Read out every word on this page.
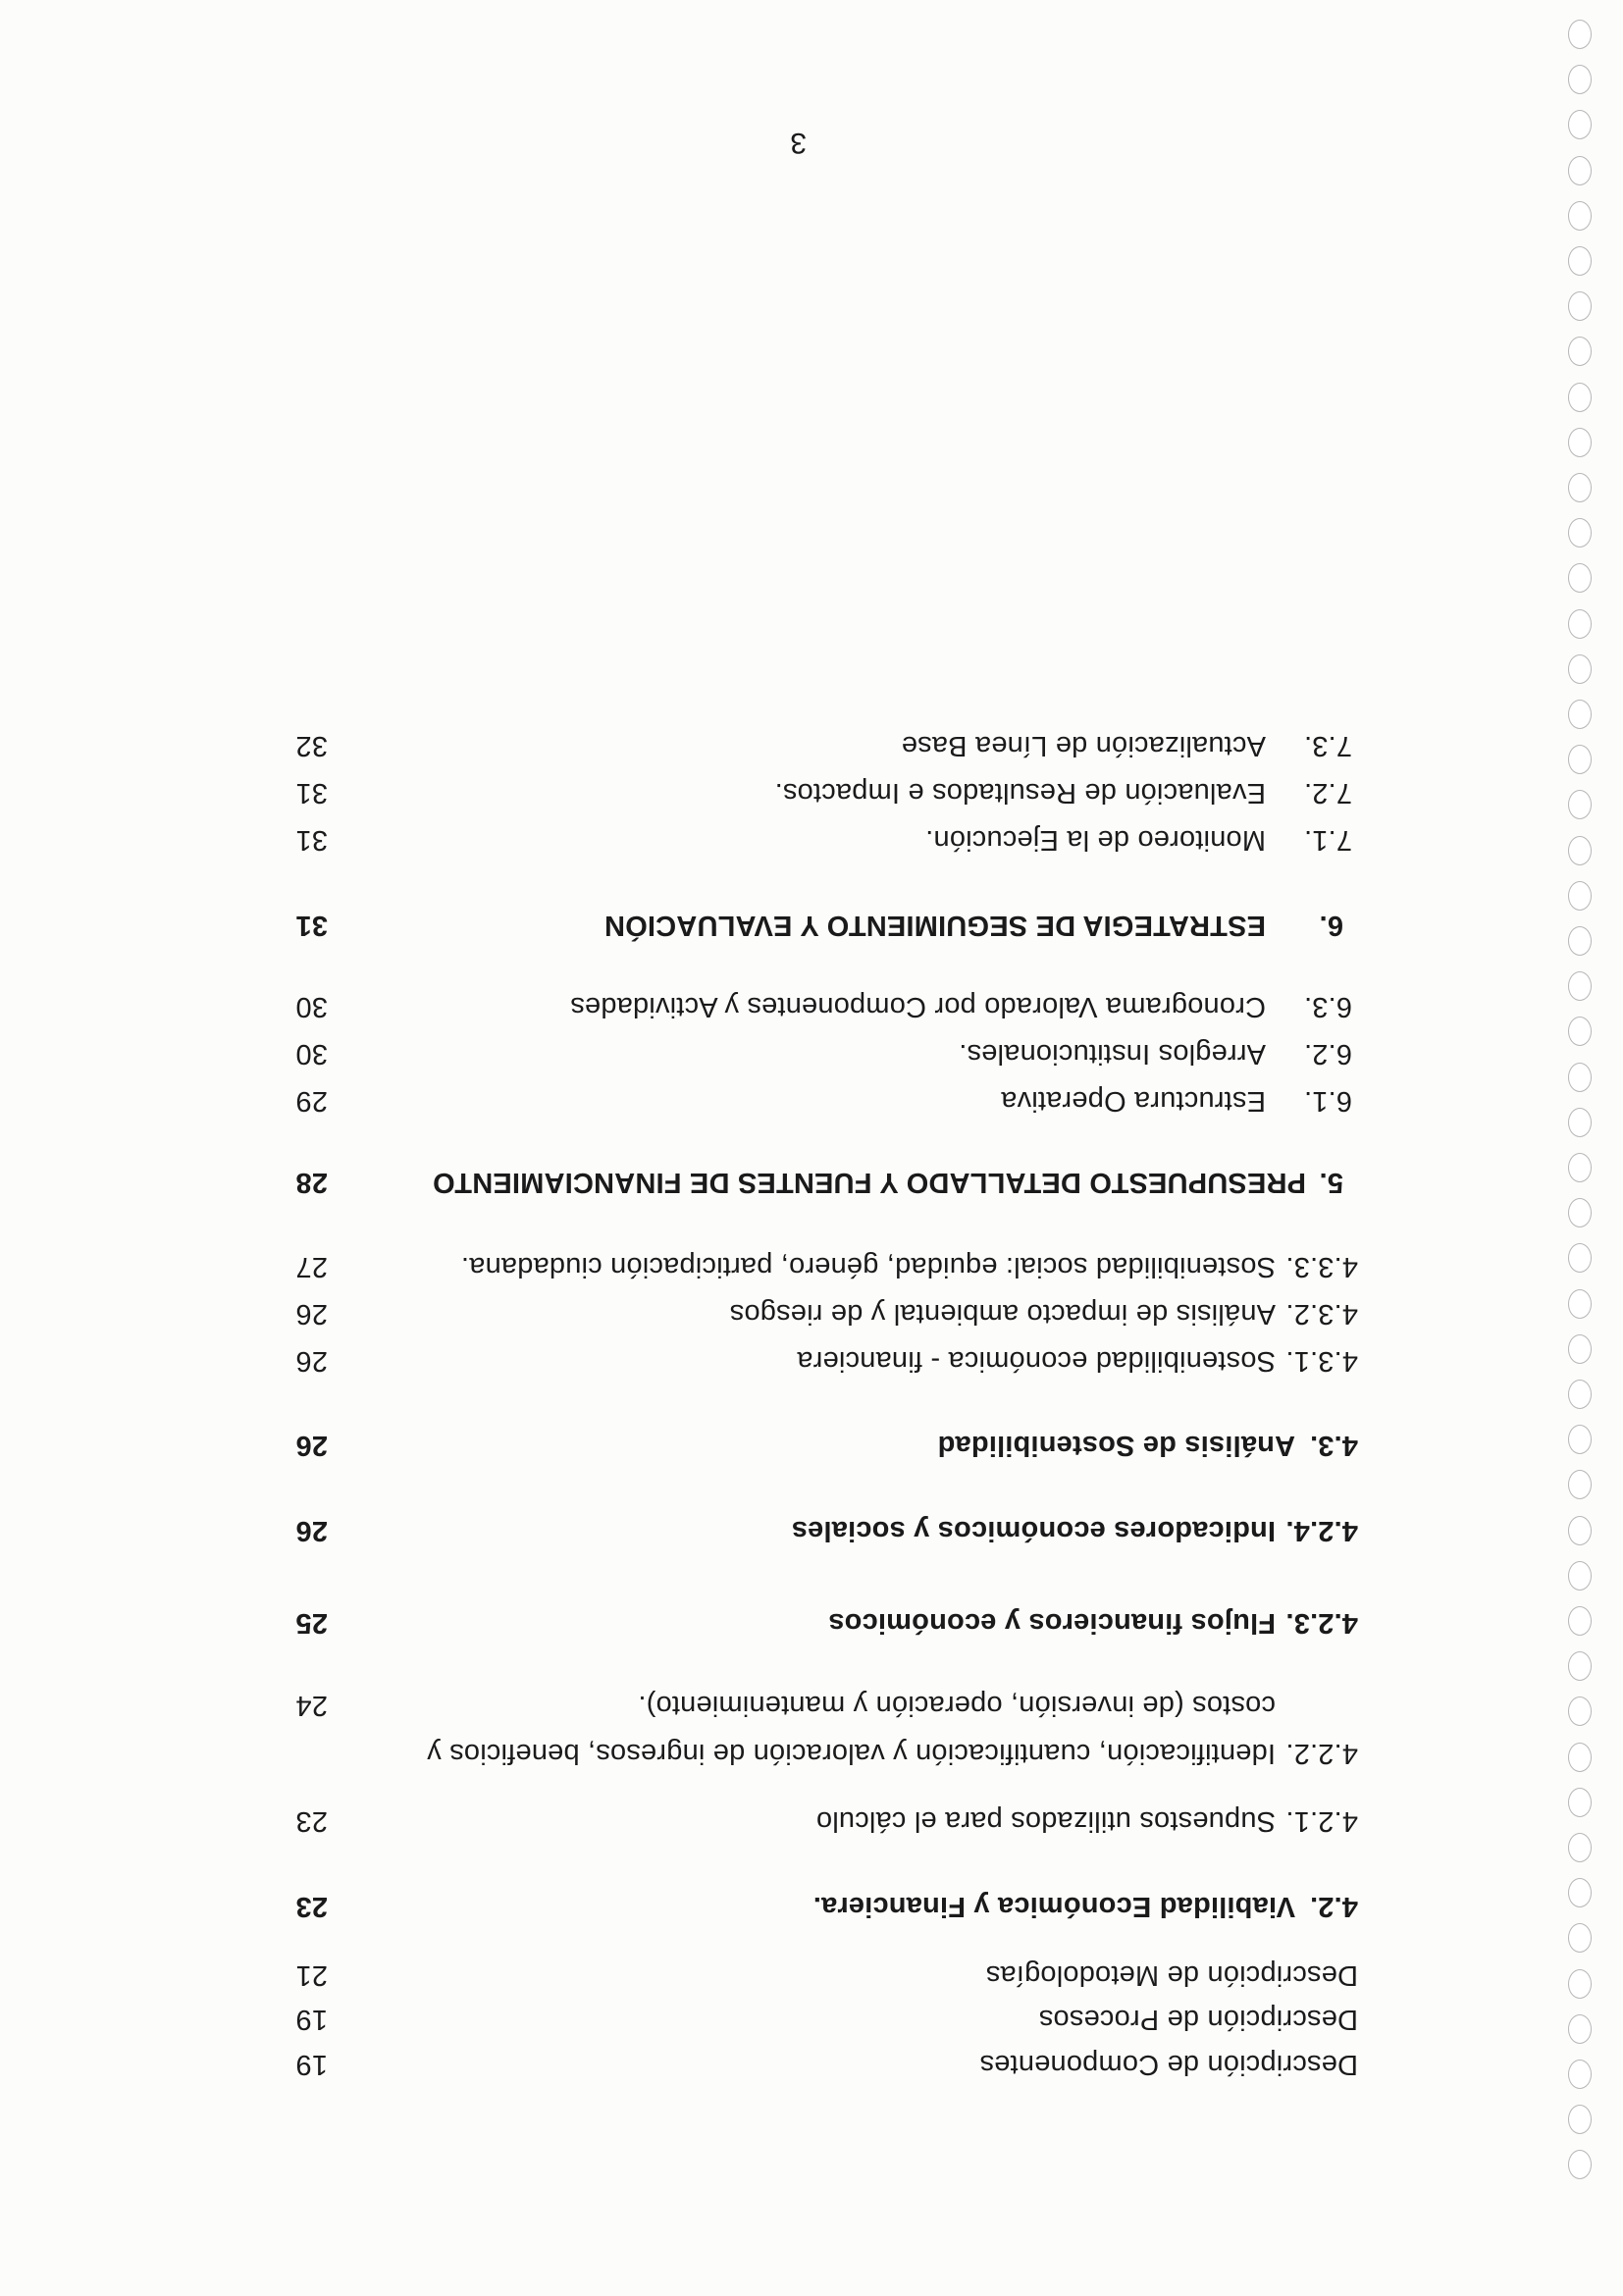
Descripción de Componentes
19
Descripción de Procesos
19
Descripción de Metodologías
21
4.2.
Viabilidad Económica y Financiera.
23
4.2.1.
Supuestos utilizados para el cálculo
23
4.2.2.
Identificación, cuantificación y valoración de ingresos, beneficios y
costos (de inversión, operación y mantenimiento).
24
4.2.3.
Flujos financieros y económicos
25
4.2.4.
Indicadores económicos y sociales
26
4.3.
Análisis de Sostenibilidad
26
4.3.1.
Sostenibilidad económica - financiera
26
4.3.2.
Análisis de impacto ambiental y de riesgos
26
4.3.3.
Sostenibilidad social: equidad, género, participación ciudadana.
27
5.
PRESUPUESTO DETALLADO Y FUENTES DE FINANCIAMIENTO
28
6.1.
Estructura Operativa
29
6.2.
Arreglos Institucionales.
30
6.3.
Cronograma Valorado por Componentes y Actividades
30
6.
ESTRATEGIA DE SEGUIMIENTO Y EVALUACIÓN
31
7.1.
Monitoreo de la Ejecución.
31
7.2.
Evaluación de Resultados e Impactos.
31
7.3.
Actualización de Línea Base
32
3
